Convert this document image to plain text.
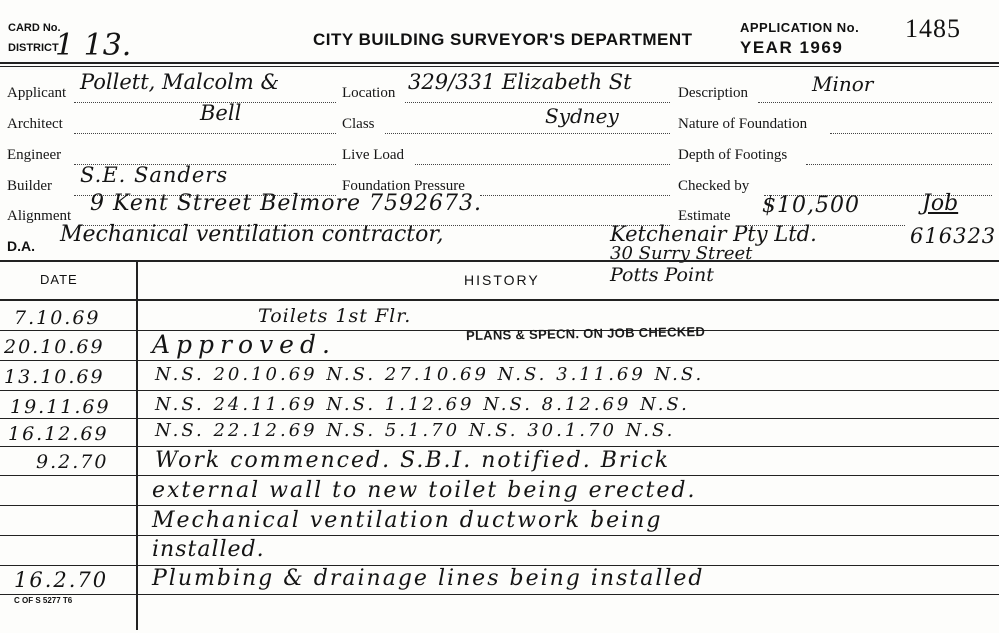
CARD No.
DISTRICT
1 13.	CITY BUILDING SURVEYOR'S DEPARTMENT
APPLICATION No. 1485
YEAR 1969
Applicant Pollett, Malcolm &	Location 329/331 Elizabeth St	Description	Minor
Architect	Bell	Class	Sydney	Nature of Foundation
Engineer	Live Load	Depth of Footings
Builder S.E. Sanders	Foundation Pressure	Checked by
Alignment 9 Kent Street Belmore 7592673.	Estimate $10,500	Job
D.A. Mechanical ventilation contractor,	Ketchenair Pty Ltd.	616323
30 Surry Street
Potts Point
DATE	HISTORY
PLANS & SPECN. ON JOB CHECKED
7.10.69	Toilets 1st Flr.
20.10.69 Approved.
13.10.69	N.S. 20.10.69 N.S. 27.10.69 N.S. 3.11.69 N.S.
19.11.69 N.S. 24.11.69 N.S. 1.12.69 N.S. 8.12.69 N.S.
16.12.69	N.S. 22.12.69 N.S. 5.1.70 N.S. 30.1.70 N.S.
9.2.70 Work commenced. S.B.I. notified. Brick
external wall to new toilet being erected.
Mechanical ventilation ductwork being
installed.
16.2.70 Plumbing & drainage lines being installed
C OF S 5277 T6
